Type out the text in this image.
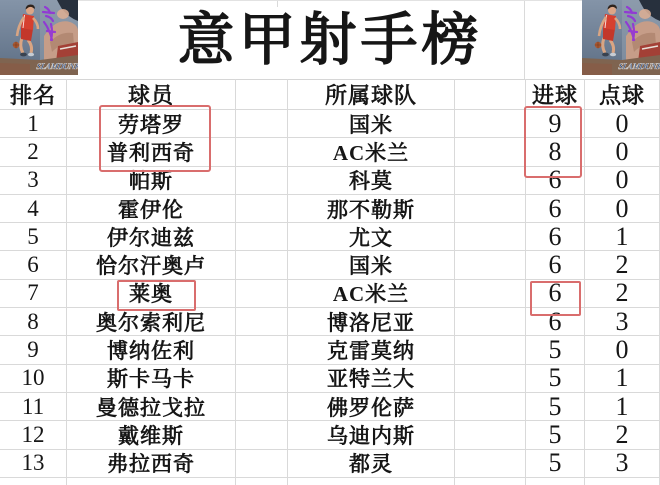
意甲射手榜
排名	球员	所属球队	进球 点球
1	劳塔罗	国米	9	0
2	普利西奇	AC米兰	8	0
3	帕斯	科莫	6	0
4	霍伊伦	那不勒斯	6	0
5	伊尔迪兹	尤文	6	1
6	恰尔汗奥卢	国米	6	2
7	莱奥	AC米兰	6	2
8	奥尔索利尼	博洛尼亚	6	3
9	博纳佐利	克雷莫纳	5	0
10	斯卡马卡	亚特兰大	5	1
11	曼德拉戈拉	佛罗伦萨	5	1
12	戴维斯	乌迪内斯	5	2
13	弗拉西奇	都灵	5	3
